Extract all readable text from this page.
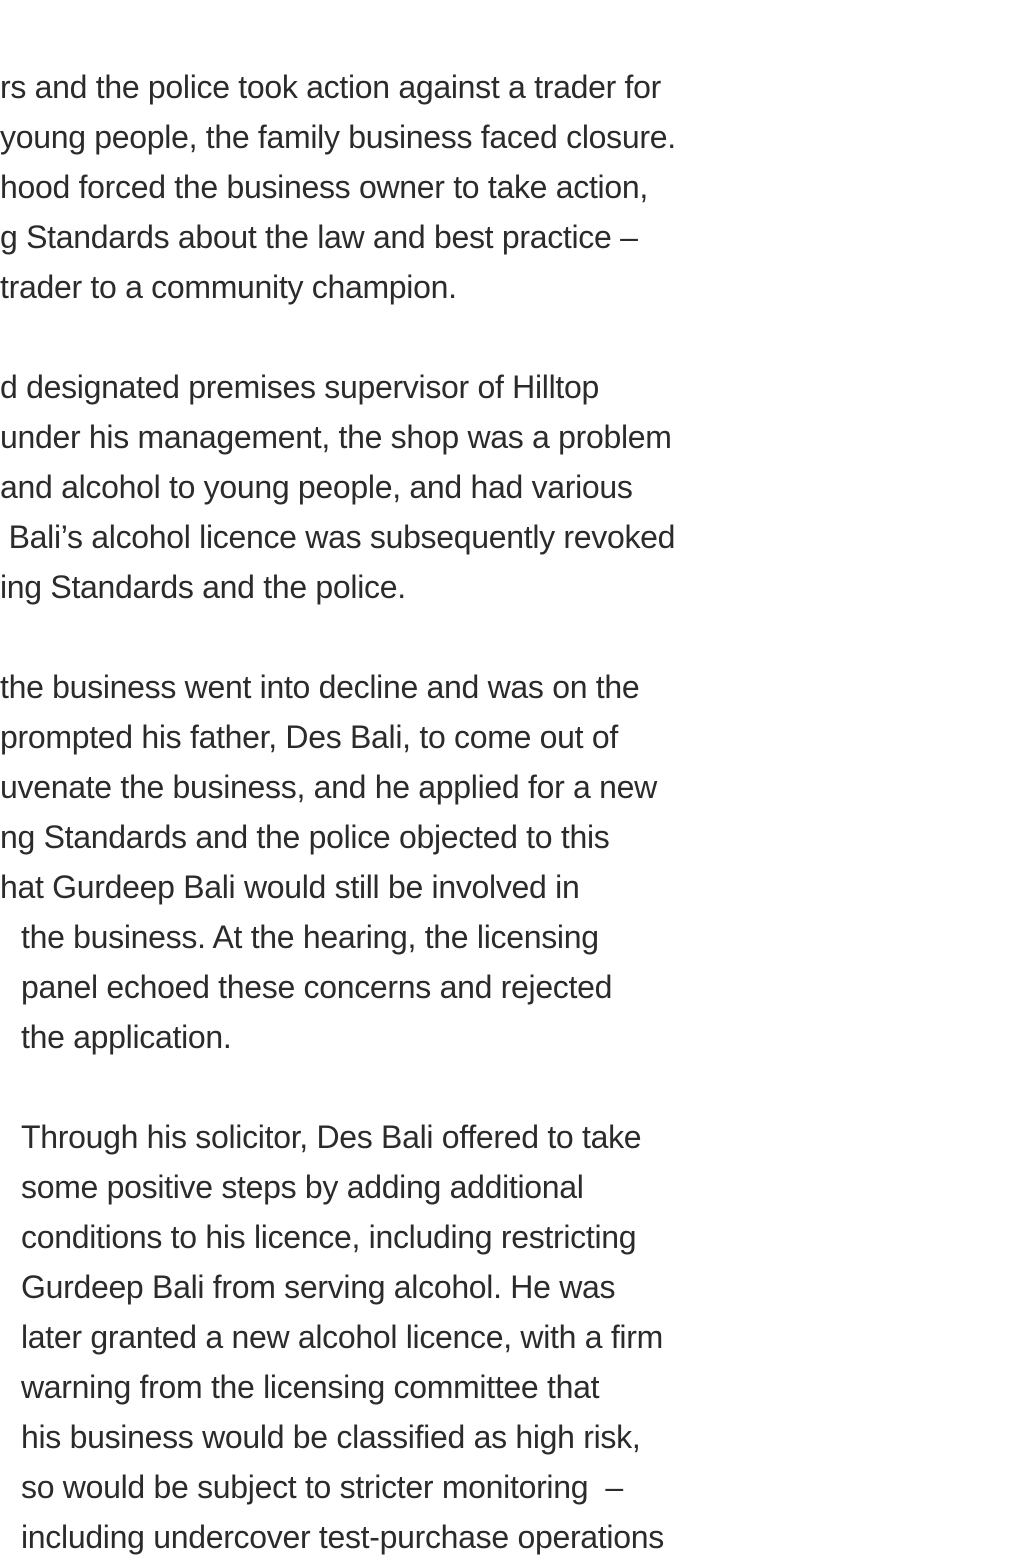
rs and the police took action against a trader for
young people, the family business faced closure.
hood forced the business owner to take action,
g Standards about the law and best practice –
trader to a community champion.
d designated premises supervisor of Hilltop
under his management, the shop was a problem
and alcohol to young people, and had various
Bali’s alcohol licence was subsequently revoked
ing Standards and the police.
the business went into decline and was on the
prompted his father, Des Bali, to come out of
uvenate the business, and he applied for a new
ng Standards and the police objected to this
hat Gurdeep Bali would still be involved in
the business. At the hearing, the licensing
panel echoed these concerns and rejected
the application.
Through his solicitor, Des Bali offered to take
some positive steps by adding additional
conditions to his licence, including restricting
Gurdeep Bali from serving alcohol. He was
later granted a new alcohol licence, with a firm
warning from the licensing committee that
his business would be classified as high risk,
so would be subject to stricter monitoring  –
including undercover test-purchase operations
